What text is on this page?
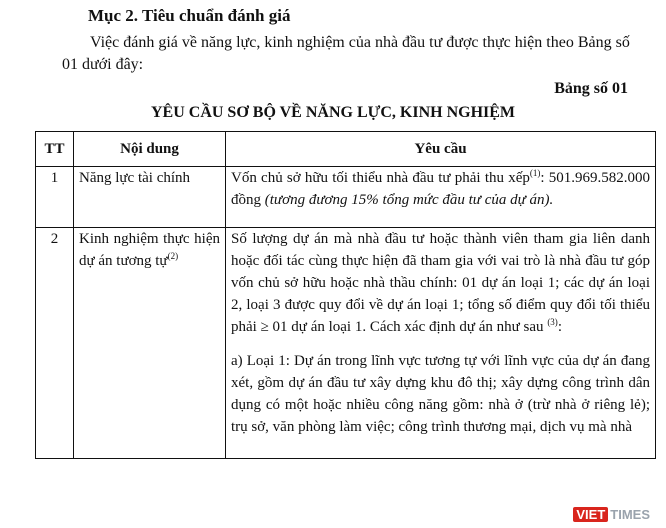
Mục 2. Tiêu chuẩn đánh giá
Việc đánh giá về năng lực, kinh nghiệm của nhà đầu tư được thực hiện theo Bảng số 01 dưới đây:
Bảng số 01
YÊU CẦU SƠ BỘ VỀ NĂNG LỰC, KINH NGHIỆM
TT	Nội dung	Yêu cầu
1	Năng lực tài chính	Vốn chủ sở hữu tối thiểu nhà đầu tư phải thu xếp$^{(1)}$: 501.969.582.000 đồng (tương đương 15% tổng mức đầu tư của dự án).
2	Kinh nghiệm thực hiện dự án tương tự$^{(2)}$	Số lượng dự án mà nhà đầu tư hoặc thành viên tham gia liên danh hoặc đối tác cùng thực hiện đã tham gia với vai trò là nhà đầu tư góp vốn chủ sở hữu hoặc nhà thầu chính: 01 dự án loại 1; các dự án loại 2, loại 3 được quy đổi về dự án loại 1; tổng số điểm quy đổi tối thiểu phải ≥ 01 dự án loại 1. Cách xác định dự án như sau $^{(3)}$:

a) Loại 1: Dự án trong lĩnh vực tương tự với lĩnh vực của dự án đang xét, gồm dự án đầu tư xây dựng khu đô thị; xây dựng công trình dân dụng có một hoặc nhiều công năng gồm: nhà ở (trừ nhà ở riêng lẻ); trụ sở, văn phòng làm việc; công trình thương mại, dịch vụ mà nhà

VIET TIMES
